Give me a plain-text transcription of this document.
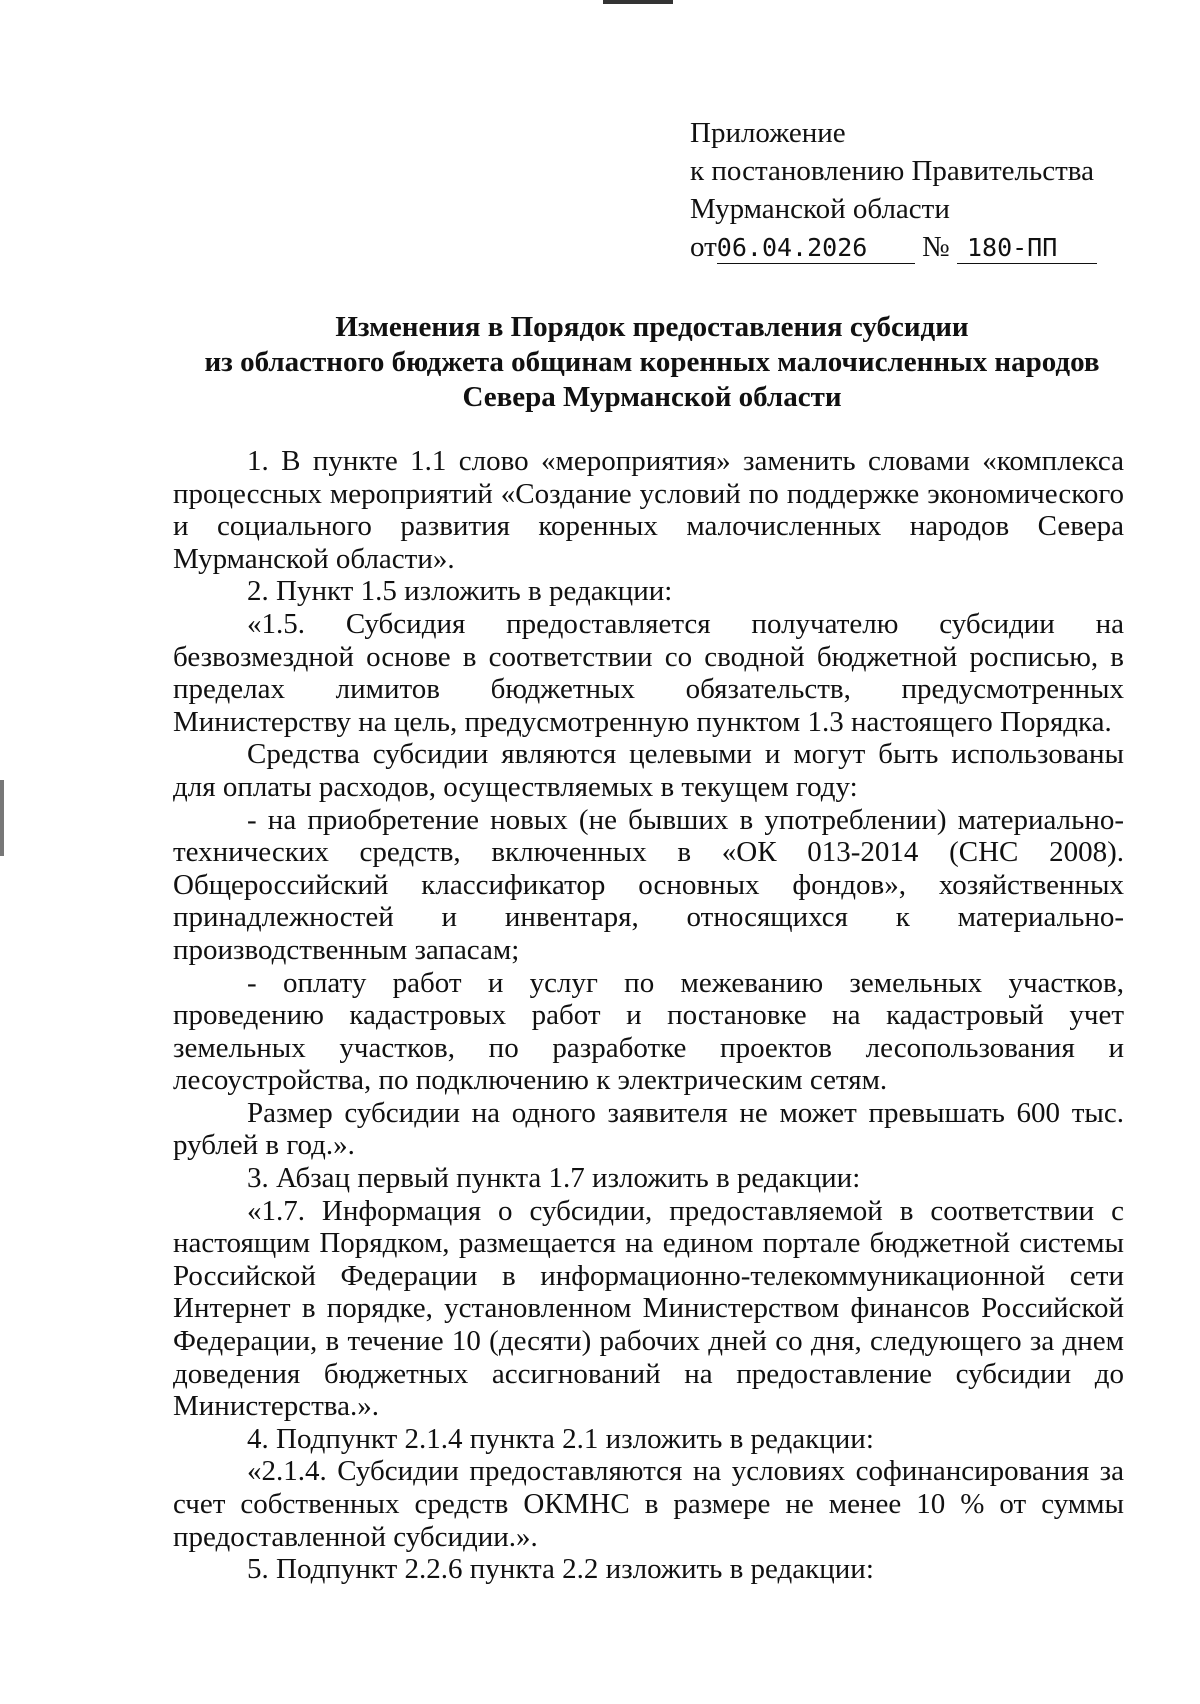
Приложение
к постановлению Правительства
Мурманской области
от06.04.2026 № 180-ПП
Изменения в Порядок предоставления субсидии
из областного бюджета общинам коренных малочисленных народов
Севера Мурманской области

1. В пункте 1.1 слово «мероприятия» заменить словами «комплекса процессных мероприятий «Создание условий по поддержке экономического и социального развития коренных малочисленных народов Севера Мурманской области».

2. Пункт 1.5 изложить в редакции:

«1.5. Субсидия предоставляется получателю субсидии на безвозмездной основе в соответствии со сводной бюджетной росписью, в пределах лимитов бюджетных обязательств, предусмотренных Министерству на цель, предусмотренную пунктом 1.3 настоящего Порядка.

Средства субсидии являются целевыми и могут быть использованы для оплаты расходов, осуществляемых в текущем году:

- на приобретение новых (не бывших в употреблении) материально-технических средств, включенных в «ОК 013-2014 (СНС 2008). Общероссийский классификатор основных фондов», хозяйственных принадлежностей и инвентаря, относящихся к материально-производственным запасам;

- оплату работ и услуг по межеванию земельных участков, проведению кадастровых работ и постановке на кадастровый учет земельных участков, по разработке проектов лесопользования и лесоустройства, по подключению к электрическим сетям.

Размер субсидии на одного заявителя не может превышать 600 тыс. рублей в год.».

3. Абзац первый пункта 1.7 изложить в редакции:

«1.7. Информация о субсидии, предоставляемой в соответствии с настоящим Порядком, размещается на едином портале бюджетной системы Российской Федерации в информационно-телекоммуникационной сети Интернет в порядке, установленном Министерством финансов Российской Федерации, в течение 10 (десяти) рабочих дней со дня, следующего за днем доведения бюджетных ассигнований на предоставление субсидии до Министерства.».

4. Подпункт 2.1.4 пункта 2.1 изложить в редакции:

«2.1.4. Субсидии предоставляются на условиях софинансирования за счет собственных средств ОКМНС в размере не менее 10 % от суммы предоставленной субсидии.».

5. Подпункт 2.2.6 пункта 2.2 изложить в редакции:
